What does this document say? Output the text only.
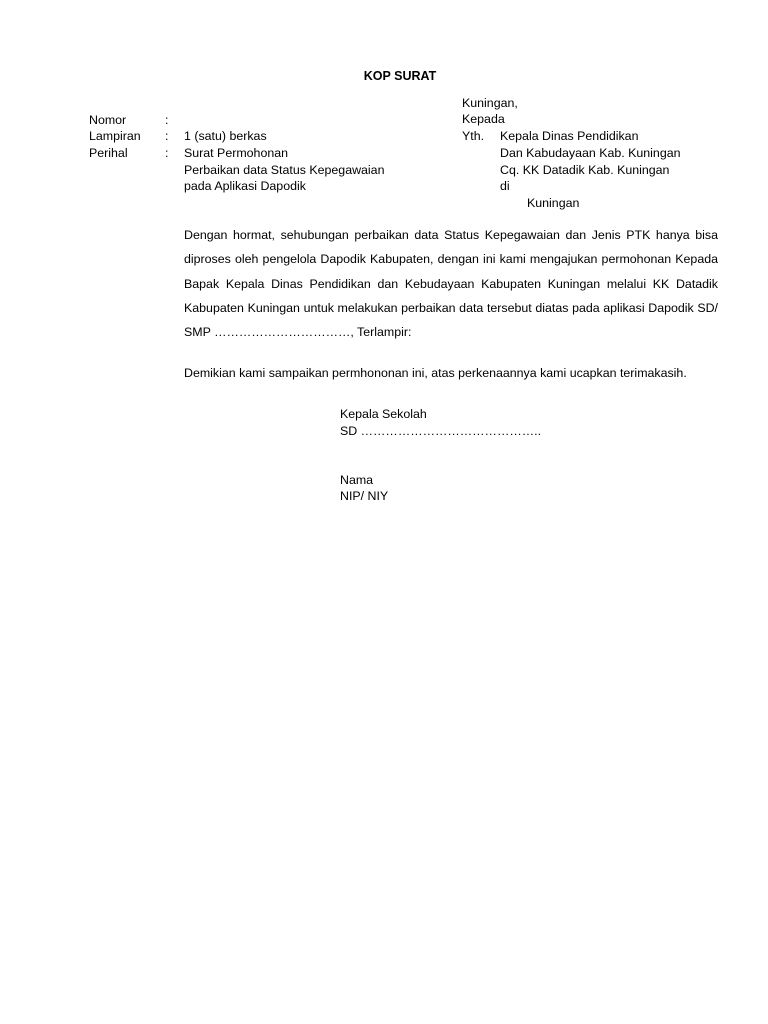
KOP SURAT
Kuningan,
Kepada
Yth. Kepala Dinas Pendidikan
Dan Kabudayaan Kab. Kuningan
Cq. KK Datadik Kab. Kuningan
di
Kuningan
Nomor	:
Lampiran : 1 (satu) berkas
Perihal	: Surat Permohonan
Perbaikan data Status Kepegawaian
pada Aplikasi Dapodik
Dengan hormat, sehubungan perbaikan data Status Kepegawaian dan Jenis PTK hanya bisa diproses oleh pengelola Dapodik Kabupaten, dengan ini kami mengajukan permohonan Kepada Bapak Kepala Dinas Pendidikan dan Kebudayaan Kabupaten Kuningan melalui KK Datadik Kabupaten Kuningan untuk melakukan perbaikan data tersebut diatas pada aplikasi Dapodik SD/ SMP ……………………………, Terlampir:
Demikian kami sampaikan permhononan ini, atas perkenaannya kami ucapkan terimakasih.
Kepala Sekolah
SD ……………………………………..
Nama
NIP/ NIY
